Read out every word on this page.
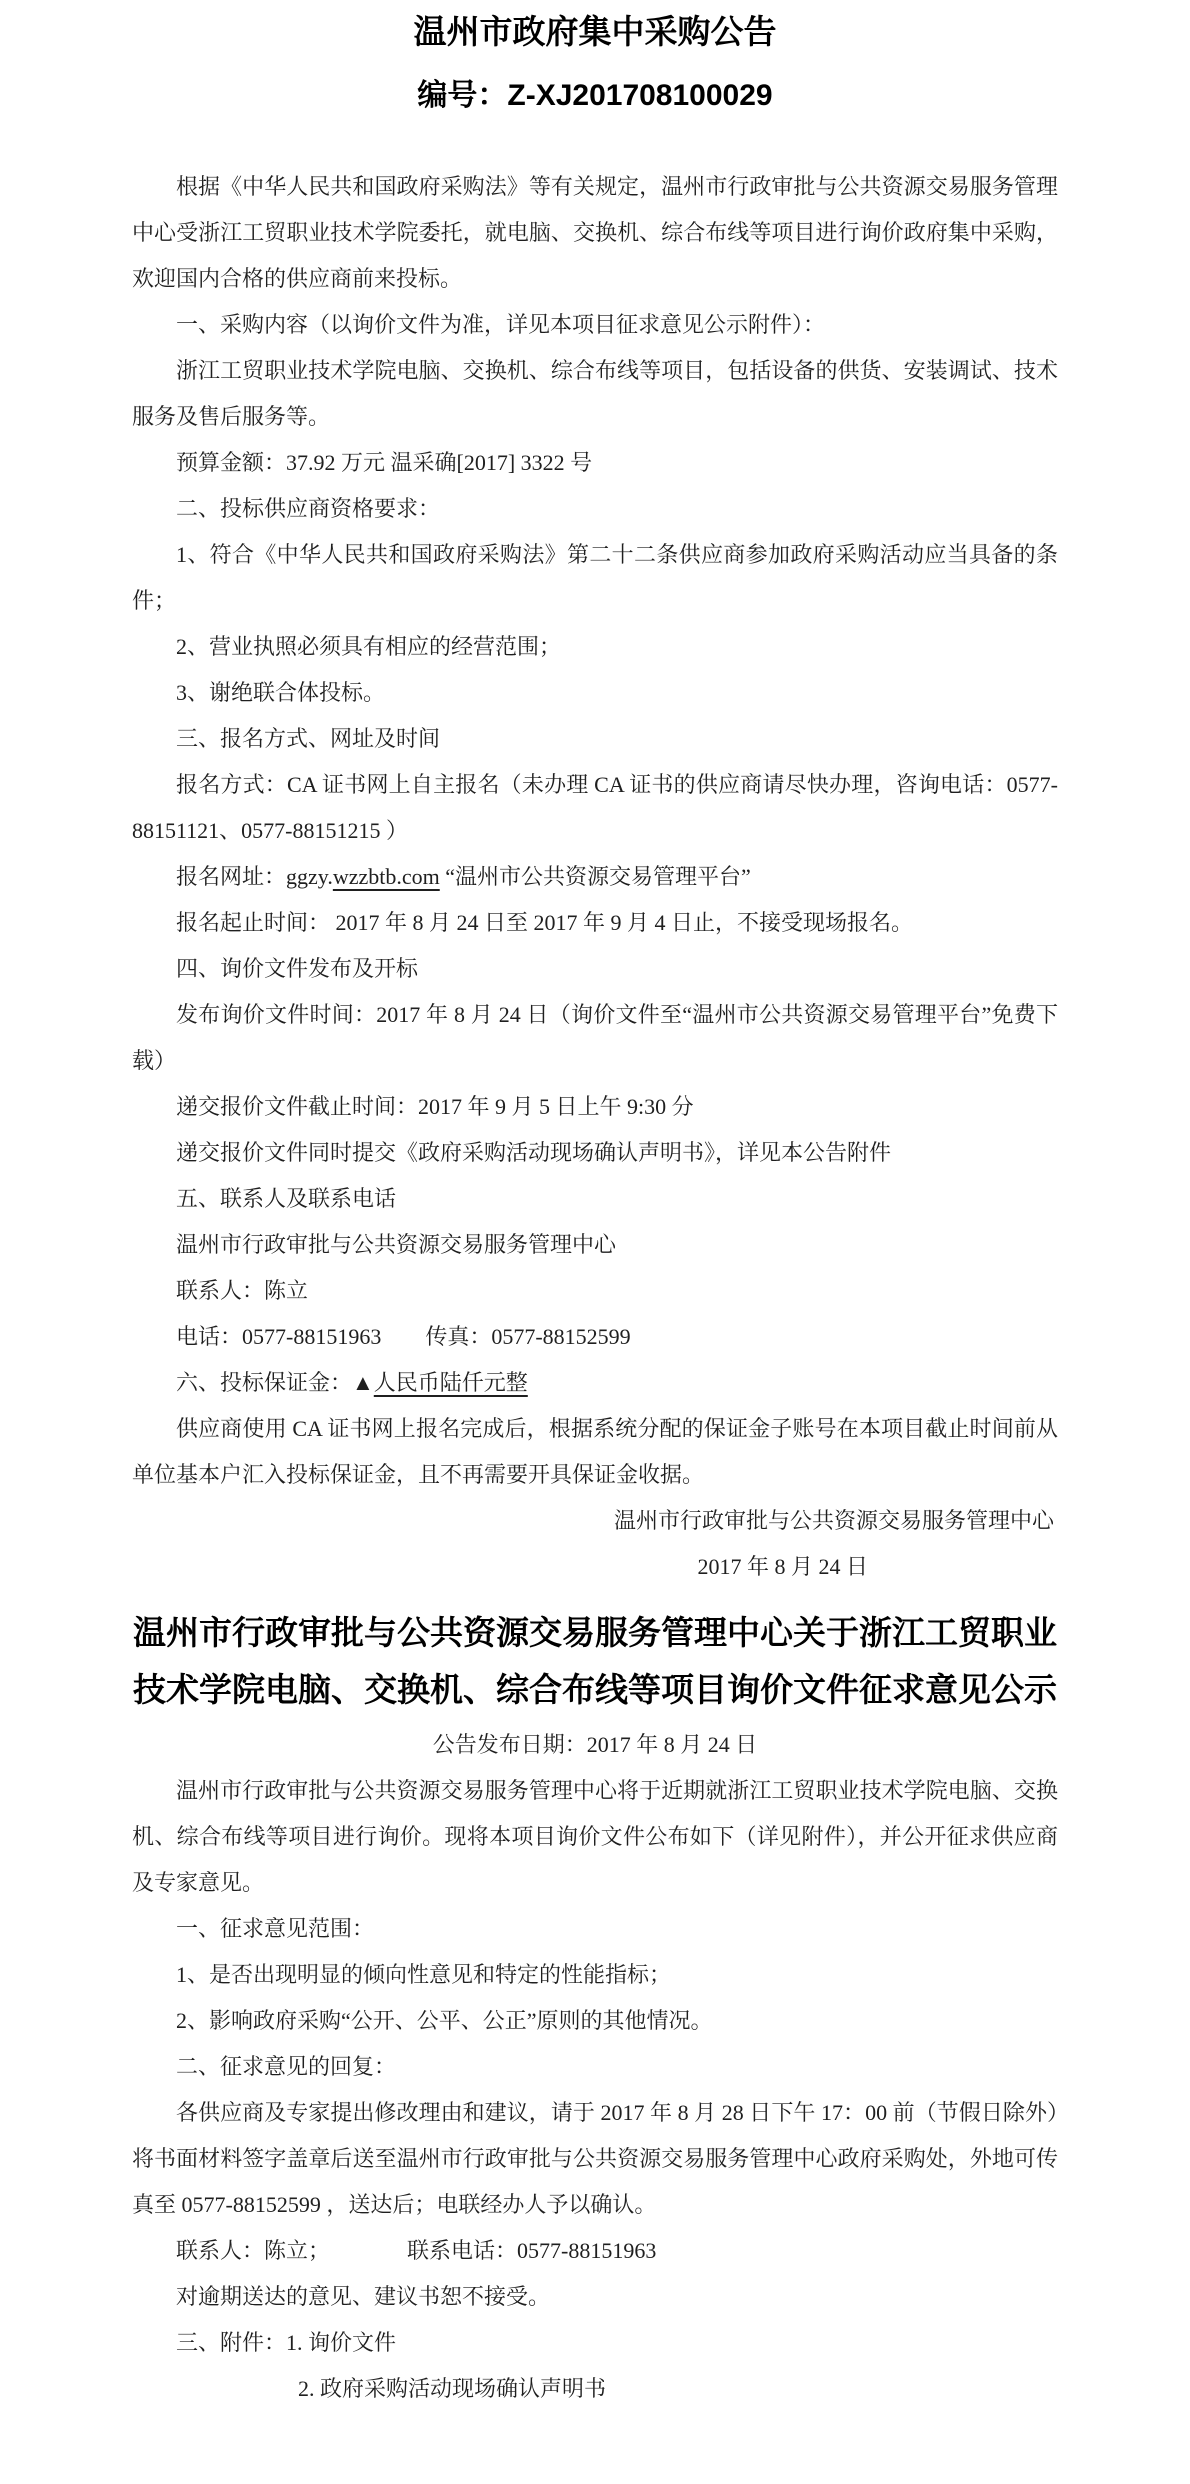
温州市政府集中采购公告
编号：Z-XJ201708100029

根据《中华人民共和国政府采购法》等有关规定，温州市行政审批与公共资源交易服务管理中心受浙江工贸职业技术学院委托，就电脑、交换机、综合布线等项目进行询价政府集中采购，欢迎国内合格的供应商前来投标。

一、采购内容（以询价文件为准，详见本项目征求意见公示附件）：

浙江工贸职业技术学院电脑、交换机、综合布线等项目，包括设备的供货、安装调试、技术服务及售后服务等。

预算金额：37.92 万元 温采确[2017] 3322 号

二、投标供应商资格要求：

1、符合《中华人民共和国政府采购法》第二十二条供应商参加政府采购活动应当具备的条件；

2、营业执照必须具有相应的经营范围；

3、谢绝联合体投标。

三、报名方式、网址及时间

报名方式：CA 证书网上自主报名（未办理 CA 证书的供应商请尽快办理，咨询电话：0577-88151121、0577-88151215 ）

报名网址：ggzy.wzzbtb.com “温州市公共资源交易管理平台”

报名起止时间： 2017 年 8 月 24 日至 2017 年 9 月 4 日止，不接受现场报名。

四、询价文件发布及开标

发布询价文件时间：2017 年 8 月 24 日（询价文件至“温州市公共资源交易管理平台”免费下载）

递交报价文件截止时间：2017 年 9 月 5 日上午 9:30 分

递交报价文件同时提交《政府采购活动现场确认声明书》，详见本公告附件

五、联系人及联系电话

温州市行政审批与公共资源交易服务管理中心

联系人：陈立

电话：0577-88151963　　传真：0577-88152599

六、投标保证金：▲人民币陆仟元整

供应商使用 CA 证书网上报名完成后，根据系统分配的保证金子账号在本项目截止时间前从单位基本户汇入投标保证金，且不再需要开具保证金收据。

温州市行政审批与公共资源交易服务管理中心

2017 年 8 月 24 日

温州市行政审批与公共资源交易服务管理中心关于浙江工贸职业技术学院电脑、交换机、综合布线等项目询价文件征求意见公示

公告发布日期：2017 年 8 月 24 日

温州市行政审批与公共资源交易服务管理中心将于近期就浙江工贸职业技术学院电脑、交换机、综合布线等项目进行询价。现将本项目询价文件公布如下（详见附件），并公开征求供应商及专家意见。

一、征求意见范围：

1、是否出现明显的倾向性意见和特定的性能指标；

2、影响政府采购“公开、公平、公正”原则的其他情况。

二、征求意见的回复：

各供应商及专家提出修改理由和建议，请于 2017 年 8 月 28 日下午 17：00 前（节假日除外）将书面材料签字盖章后送至温州市行政审批与公共资源交易服务管理中心政府采购处，外地可传真至 0577-88152599 ，送达后；电联经办人予以确认。

联系人：陈立；　　　　联系电话：0577-88151963

对逾期送达的意见、建议书恕不接受。

三、附件：1. 询价文件

2. 政府采购活动现场确认声明书
